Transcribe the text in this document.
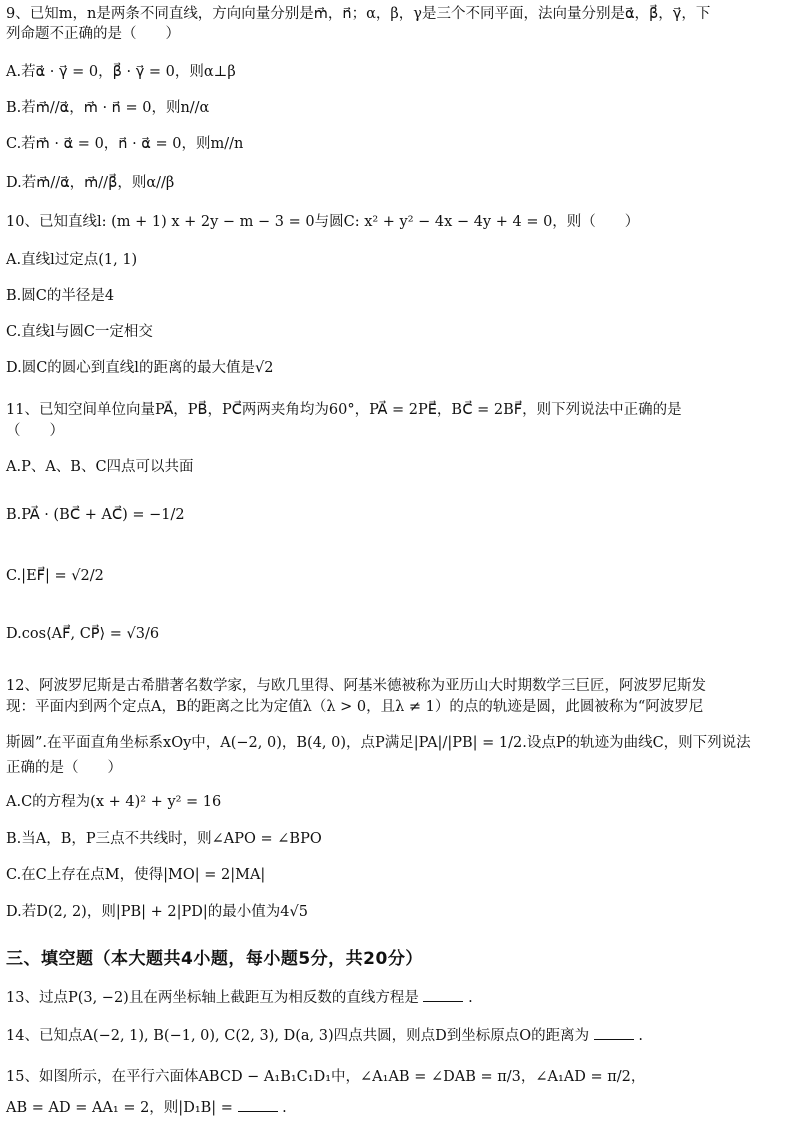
9、已知m，n是两条不同直线，方向向量分别是m⃗，n⃗；α，β，γ是三个不同平面，法向量分别是α⃗，β⃗，γ⃗，下
列命题不正确的是（　　）
A.若α⃗ · γ⃗ = 0，β⃗ · γ⃗ = 0，则α⊥β
B.若m⃗//α⃗，m⃗ · n⃗ = 0，则n//α
C.若m⃗ · α⃗ = 0，n⃗ · α⃗ = 0，则m//n
D.若m⃗//α⃗，m⃗//β⃗，则α//β
10、已知直线l: (m + 1) x + 2y − m − 3 = 0与圆C: x² + y² − 4x − 4y + 4 = 0，则（　　）
A.直线l过定点(1, 1)
B.圆C的半径是4
C.直线l与圆C一定相交
D.圆C的圆心到直线l的距离的最大值是√2
11、已知空间单位向量PA⃗，PB⃗，PC⃗两两夹角均为60°，PA⃗ = 2PE⃗，BC⃗ = 2BF⃗，则下列说法中正确的是
（　　）
A.P、A、B、C四点可以共面
B.PA⃗ · (BC⃗ + AC⃗) = −1/2
C.|EF⃗| = √2/2
D.cos⟨AF⃗, CP⃗⟩ = √3/6
12、阿波罗尼斯是古希腊著名数学家，与欧几里得、阿基米德被称为亚历山大时期数学三巨匠，阿波罗尼斯发
现：平面内到两个定点A，B的距离之比为定值λ（λ > 0，且λ ≠ 1）的点的轨迹是圆，此圆被称为“阿波罗尼
斯圆”.在平面直角坐标系xOy中，A(−2, 0)，B(4, 0)，点P满足|PA|/|PB| = 1/2.设点P的轨迹为曲线C，则下列说法
正确的是（　　）
A.C的方程为(x + 4)² + y² = 16
B.当A，B，P三点不共线时，则∠APO = ∠BPO
C.在C上存在点M，使得|MO| = 2|MA|
D.若D(2, 2)，则|PB| + 2|PD|的最小值为4√5
三、填空题（本大题共4小题，每小题5分，共20分）
13、过点P(3, −2)且在两坐标轴上截距互为相反数的直线方程是	.
14、已知点A(−2, 1), B(−1, 0), C(2, 3), D(a, 3)四点共圆，则点D到坐标原点O的距离为	.
15、如图所示，在平行六面体ABCD − A₁B₁C₁D₁中，∠A₁AB = ∠DAB = π/3，∠A₁AD = π/2，
AB = AD = AA₁ = 2，则|D₁B| =	.
